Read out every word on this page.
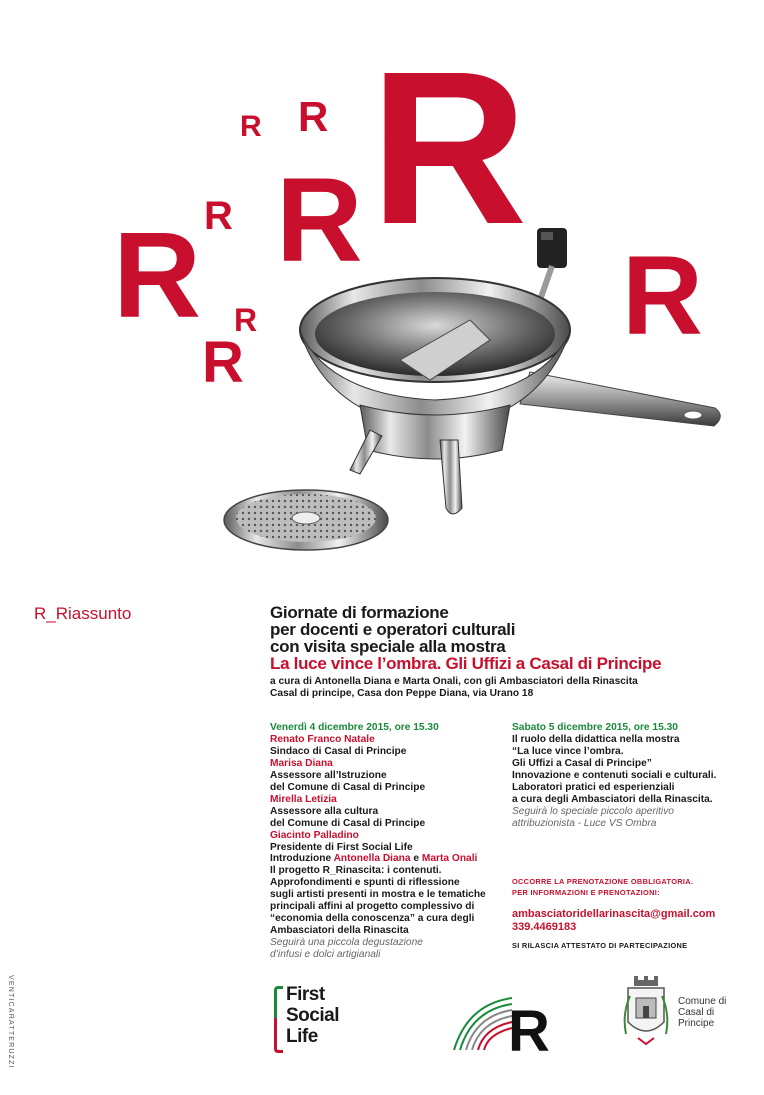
R R R
R R
R R
R
R
R_Riassunto	Giornate di formazione
per docenti e operatori culturali
con visita speciale alla mostra
La luce vince l’ombra. Gli Uffizi a Casal di Principe
a cura di Antonella Diana e Marta Onali, con gli Ambasciatori della Rinascita
Casal di principe, Casa don Peppe Diana, via Urano 18
Venerdì 4 dicembre 2015, ore 15.30
Renato Franco Natale
Sindaco di Casal di Principe
Marisa Diana
Assessore all’Istruzione
del Comune di Casal di Principe
Mirella Letizia
Assessore alla cultura
del Comune di Casal di Principe
Giacinto Palladino
Presidente di First Social Life
Introduzione Antonella Diana e Marta Onali
Il progetto R_Rinascita: i contenuti.
Approfondimenti e spunti di riflessione
sugli artisti presenti in mostra e le tematiche
principali affini al progetto complessivo di
“economia della conoscenza” a cura degli
Ambasciatori della Rinascita
Seguirà una piccola degustazione
d’infusi e dolci artigianali
Sabato 5 dicembre 2015, ore 15.30
Il ruolo della didattica nella mostra
“La luce vince l’ombra.
Gli Uffizi a Casal di Principe”
Innovazione e contenuti sociali e culturali.
Laboratori pratici ed esperienziali
a cura degli Ambasciatori della Rinascita.
Seguirà lo speciale piccolo aperitivo
attribuzionista - Luce VS Ombra
OCCORRE LA PRENOTAZIONE OBBLIGATORIA.
PER INFORMAZIONI E PRENOTAZIONI:
ambasciatoridellarinascita@gmail.com
339.4469183
SI RILASCIA ATTESTATO DI PARTECIPAZIONE
VENTICARATTERUZZI	First
Social
Life	R	Comune di
Casal di
Principe
